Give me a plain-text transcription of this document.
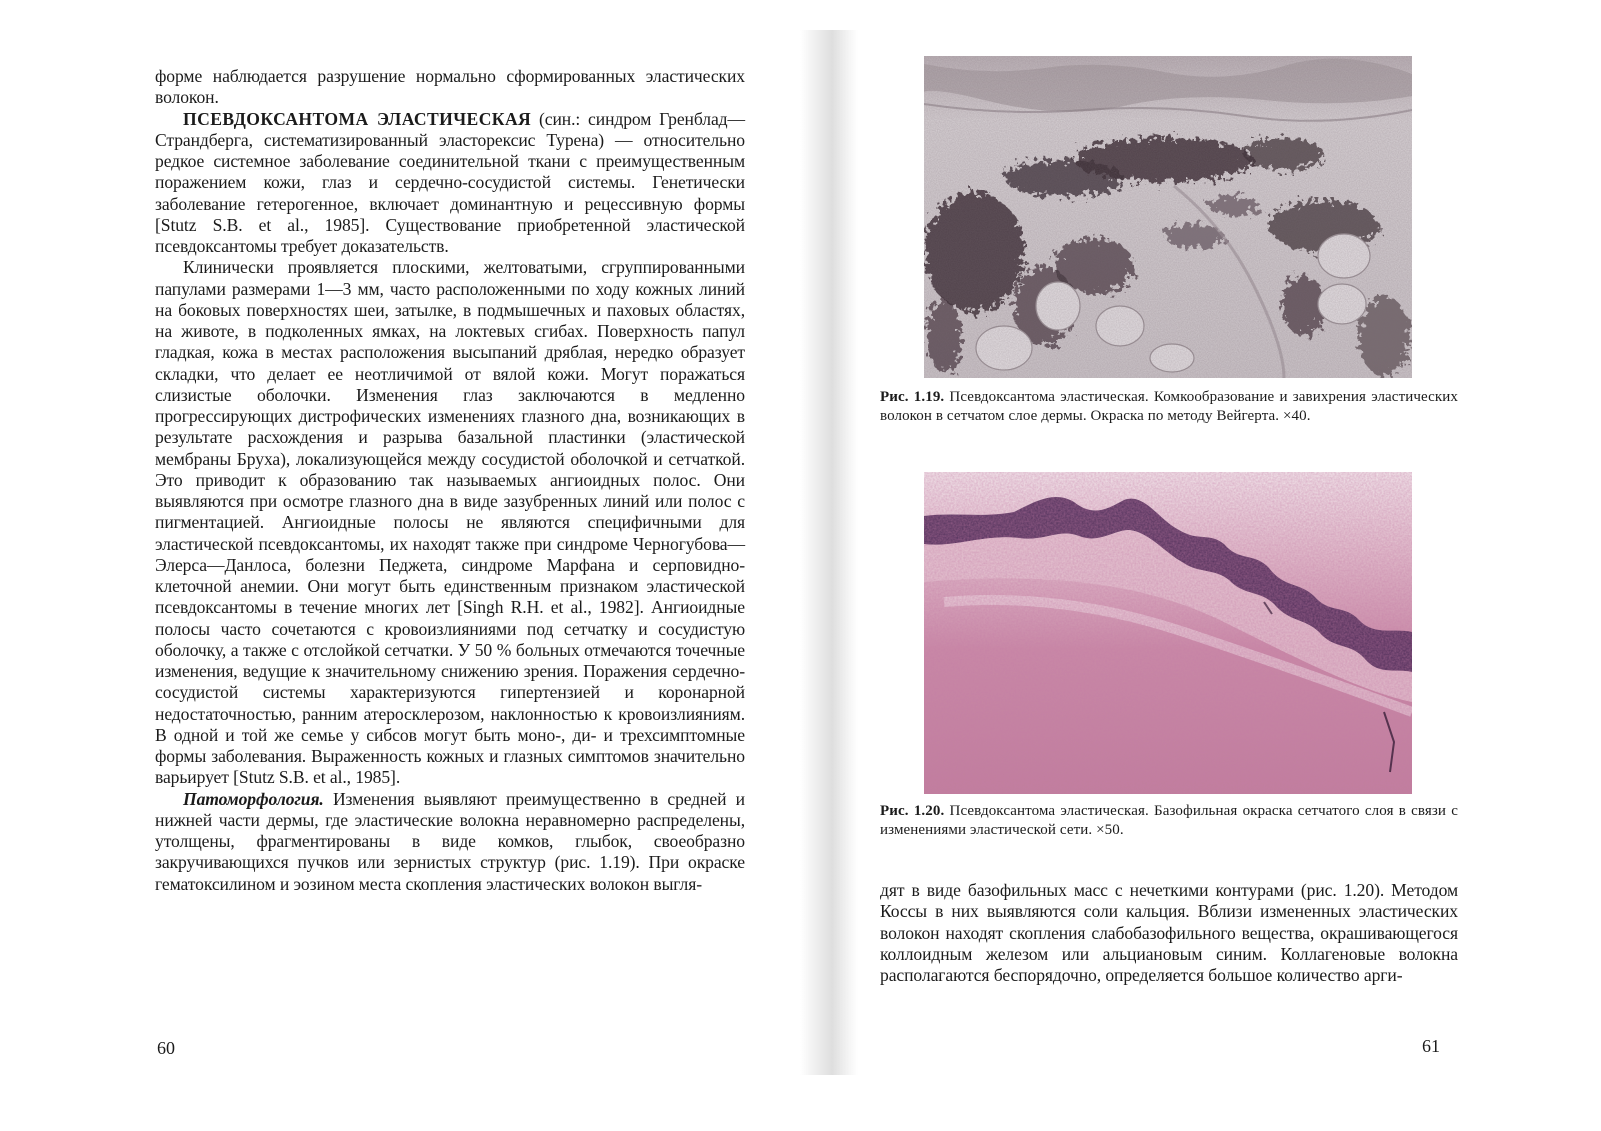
форме наблюдается разрушение нормально сформированных эластических волокон.

ПСЕВДОКСАНТОМА ЭЛАСТИЧЕСКАЯ (син.: синдром Гренблад—Страндберга, систематизированный эласторексис Турена) — относительно редкое системное заболевание соединительной ткани с преимущественным поражением кожи, глаз и сердечно-сосудистой системы. Генетически заболевание гетерогенное, включает доминантную и рецессивную формы [Stutz S.B. et al., 1985]. Существование приобретенной эластической псевдоксантомы требует доказательств.

Клинически проявляется плоскими, желтоватыми, сгруппированными папулами размерами 1—3 мм, часто расположенными по ходу кожных линий на боковых поверхностях шеи, затылке, в подмышечных и паховых областях, на животе, в подколенных ямках, на локтевых сгибах. Поверхность папул гладкая, кожа в местах расположения высыпаний дряблая, нередко образует складки, что делает ее неотличимой от вялой кожи. Могут поражаться слизистые оболочки. Изменения глаз заключаются в медленно прогрессирующих дистрофических изменениях глазного дна, возникающих в результате расхождения и разрыва базальной пластинки (эластической мембраны Бруха), локализующейся между сосудистой оболочкой и сетчаткой. Это приводит к образованию так называемых ангиоидных полос. Они выявляются при осмотре глазного дна в виде зазубренных линий или полос с пигментацией. Ангиоидные полосы не являются специфичными для эластической псевдоксантомы, их находят также при синдроме Черногубова—Элерса—Данлоса, болезни Педжета, синдроме Марфана и серповидно-клеточной анемии. Они могут быть единственным признаком эластической псевдоксантомы в течение многих лет [Singh R.H. et al., 1982]. Ангиоидные полосы часто сочетаются с кровоизлияниями под сетчатку и сосудистую оболочку, а также с отслойкой сетчатки. У 50 % больных отмечаются точечные изменения, ведущие к значительному снижению зрения. Поражения сердечно-сосудистой системы характеризуются гипертензией и коронарной недостаточностью, ранним атеросклерозом, наклонностью к кровоизлияниям. В одной и той же семье у сибсов могут быть моно-, ди- и трехсимптомные формы заболевания. Выраженность кожных и глазных симптомов значительно варьирует [Stutz S.B. et al., 1985].

Патоморфология. Изменения выявляют преимущественно в средней и нижней части дермы, где эластические волокна неравномерно распределены, утолщены, фрагментированы в виде комков, глыбок, своеобразно закручивающихся пучков или зернистых структур (рис. 1.19). При окраске гематоксилином и эозином места скопления эластических волокон выгля-

60
Рис. 1.19. Псевдоксантома эластическая. Комкообразование и завихрения эластических волокон в сетчатом слое дермы. Окраска по методу Вейгерта. ×40.
Рис. 1.20. Псевдоксантома эластическая. Базофильная окраска сетчатого слоя в связи с изменениями эластической сети. ×50.

дят в виде базофильных масс с нечеткими контурами (рис. 1.20). Методом Коссы в них выявляются соли кальция. Вблизи измененных эластических волокон находят скопления слабобазофильного вещества, окрашивающегося коллоидным железом или альциановым синим. Коллагеновые волокна располагаются беспорядочно, определяется большое количество арги-

61
